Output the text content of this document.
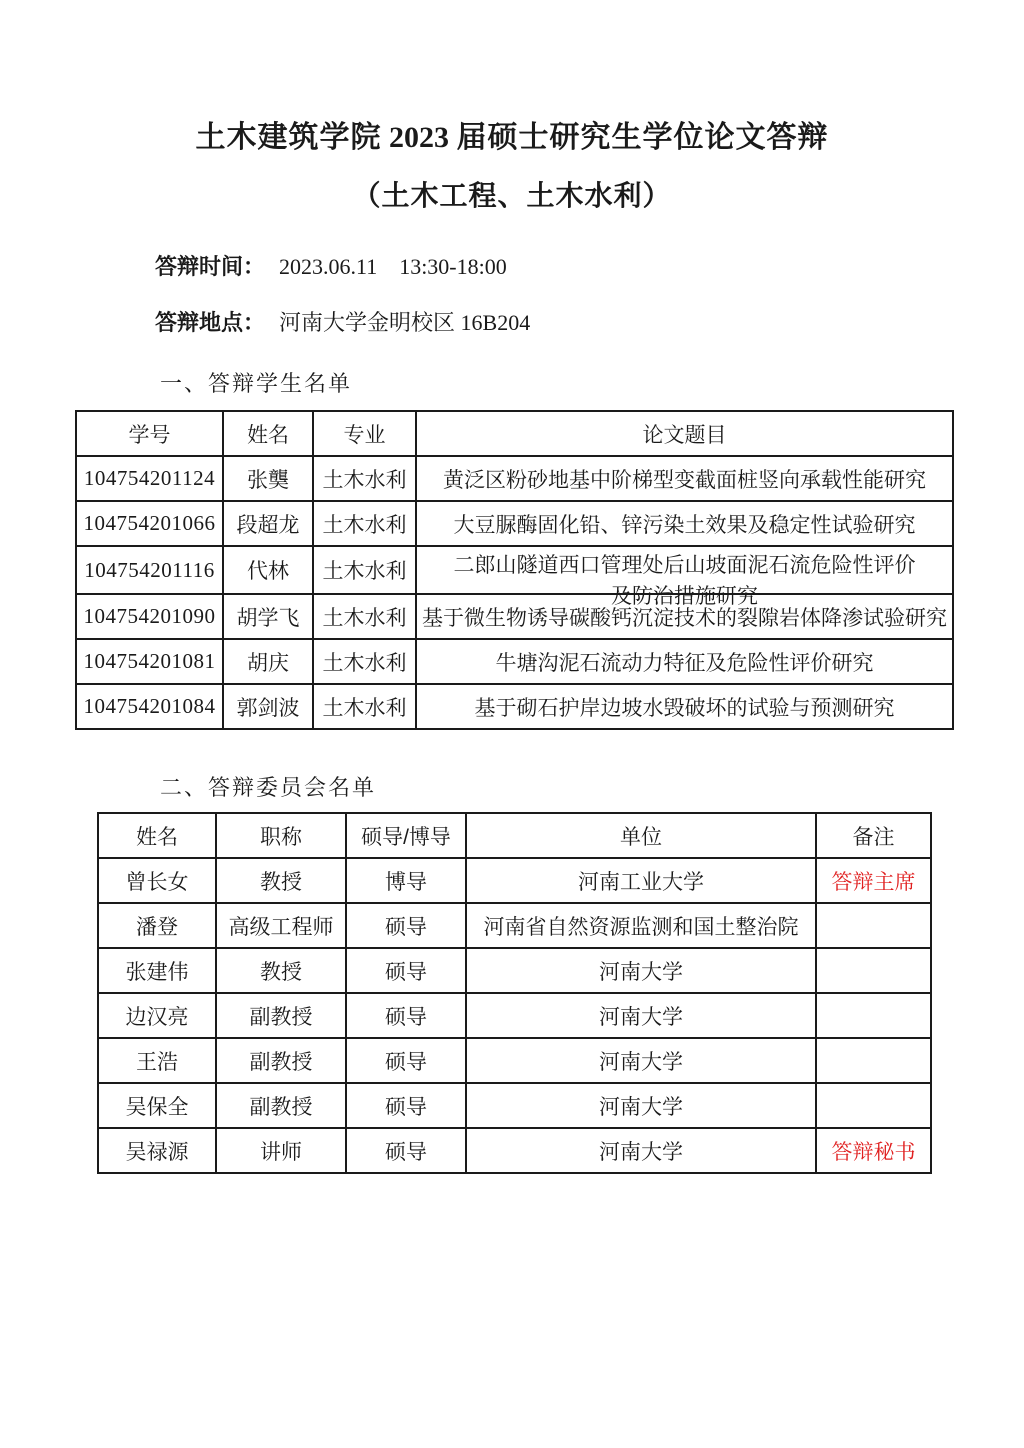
土木建筑学院 2023 届硕士研究生学位论文答辩
（土木工程、土木水利）
答辩时间： 2023.06.11    13:30-18:00
答辩地点： 河南大学金明校区 16B204
一、答辩学生名单
学号	姓名	专业	论文题目
104754201124	张龑	土木水利	黄泛区粉砂地基中阶梯型变截面桩竖向承载性能研究
104754201066	段超龙	土木水利	大豆脲酶固化铅、锌污染土效果及稳定性试验研究
104754201116	代林	土木水利	二郎山隧道西口管理处后山坡面泥石流危险性评价
及防治措施研究

104754201090	胡学飞	土木水利	基于微生物诱导碳酸钙沉淀技术的裂隙岩体降渗试验研究
104754201081	胡庆	土木水利	牛塘沟泥石流动力特征及危险性评价研究
104754201084	郭剑波	土木水利	基于砌石护岸边坡水毁破坏的试验与预测研究
二、答辩委员会名单
姓名	职称	硕导/博导	单位	备注
曾长女	教授	博导	河南工业大学	答辩主席
潘登	高级工程师	硕导	河南省自然资源监测和国土整治院	
张建伟	教授	硕导	河南大学	
边汉亮	副教授	硕导	河南大学	
王浩	副教授	硕导	河南大学	
吴保全	副教授	硕导	河南大学	
吴禄源	讲师	硕导	河南大学	答辩秘书
